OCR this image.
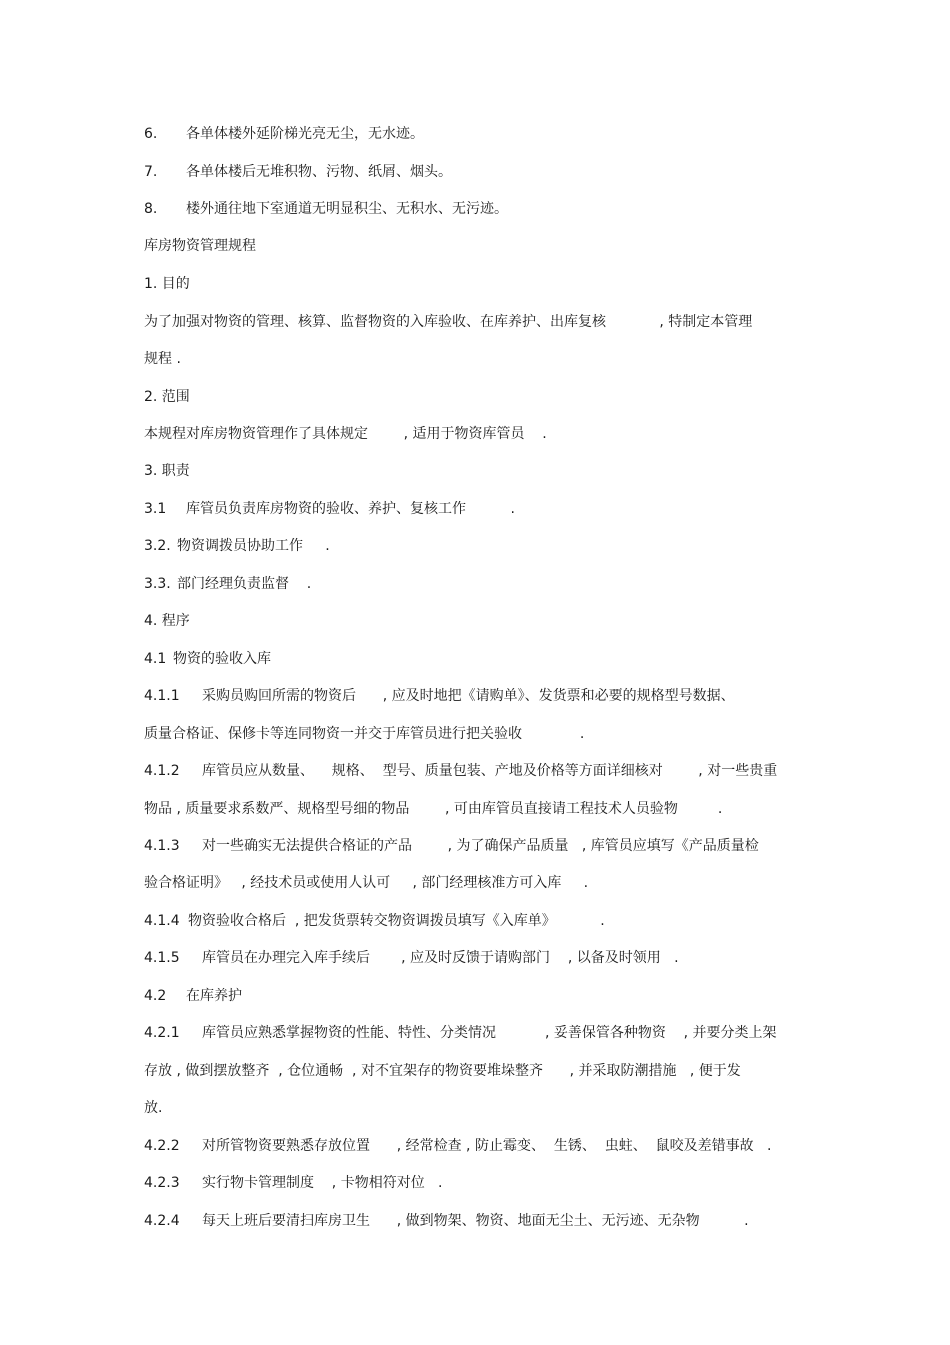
6. 各单体楼外延阶梯光亮无尘，无水迹。
7. 各单体楼后无堆积物、污物、纸屑、烟头。
8. 楼外通往地下室通道无明显积尘、无积水、无污迹。
库房物资管理规程
1. 目的
为了加强对物资的管理、核算、监督物资的入库验收、在库养护、出库复核            , 特制定本管理
规程 .
2. 范围
本规程对库房物资管理作了具体规定        , 适用于物资库管员    .
3. 职责
3.1 库管员负责库房物资的验收、养护、复核工作          .
3.2. 物资调拨员协助工作     .
3.3. 部门经理负责监督    .
4. 程序
4.1 物资的验收入库
4.1.1 采购员购回所需的物资后      , 应及时地把《请购单》、发货票和必要的规格型号数据、
质量合格证、保修卡等连同物资一并交于库管员进行把关验收             .
4.1.2 库管员应从数量、    规格、  型号、质量包装、产地及价格等方面详细核对        , 对一些贵重
物品 , 质量要求系数严、规格型号细的物品        , 可由库管员直接请工程技术人员验物         .
4.1.3 对一些确实无法提供合格证的产品        , 为了确保产品质量   , 库管员应填写《产品质量检
验合格证明》   , 经技术员或使用人认可     , 部门经理核准方可入库     .
4.1.4 物资验收合格后  , 把发货票转交物资调拨员填写《入库单》          .
4.1.5 库管员在办理完入库手续后       , 应及时反馈于请购部门    , 以备及时领用   .
4.2 在库养护
4.2.1 库管员应熟悉掌握物资的性能、特性、分类情况           , 妥善保管各种物资    , 并要分类上架
存放 , 做到摆放整齐  , 仓位通畅  , 对不宜架存的物资要堆垛整齐      , 并采取防潮措施   , 便于发
放.
4.2.2 对所管物资要熟悉存放位置      , 经常检查 , 防止霉变、  生锈、  虫蛀、  鼠咬及差错事故   .
4.2.3 实行物卡管理制度    , 卡物相符对位   .
4.2.4 每天上班后要清扫库房卫生      , 做到物架、物资、地面无尘土、无污迹、无杂物          .
